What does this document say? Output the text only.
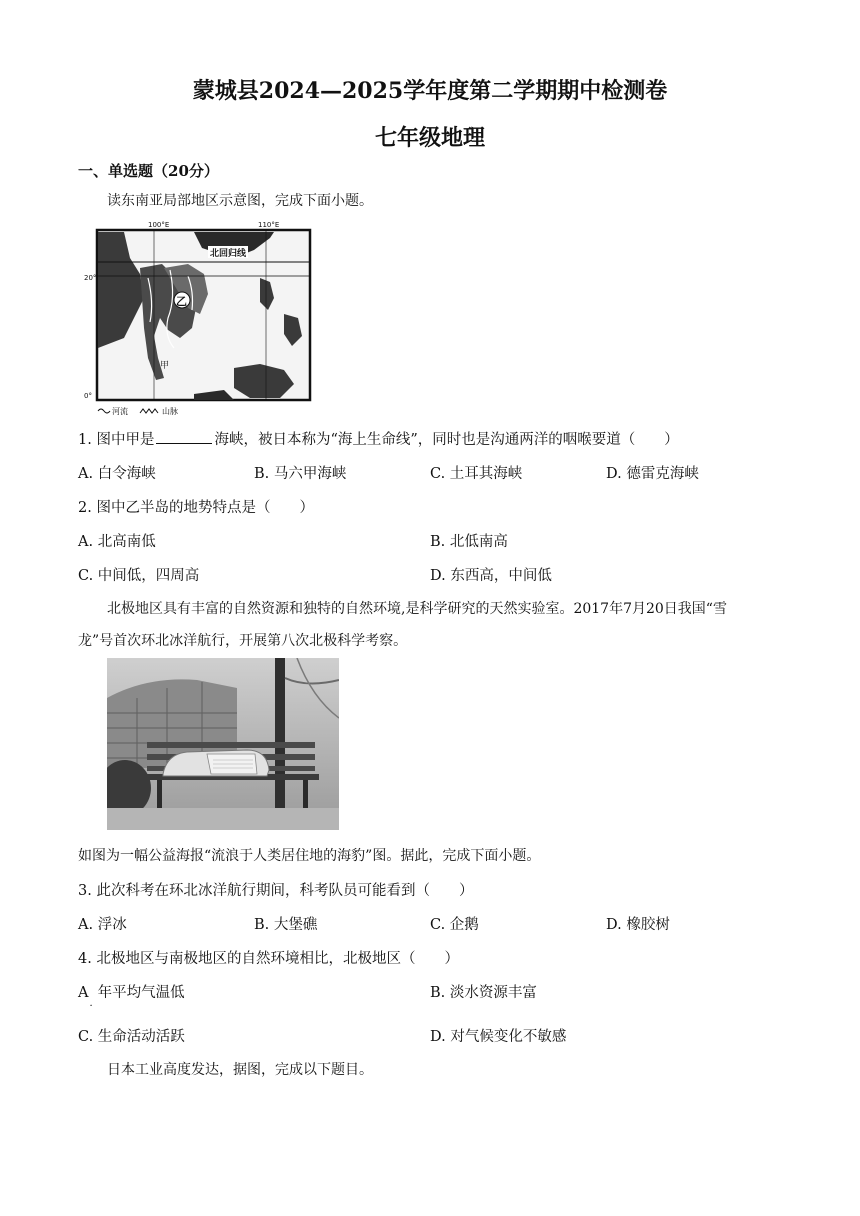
蒙城县2024—2025学年度第二学期期中检测卷
七年级地理
一、单选题（20分）
读东南亚局部地区示意图，完成下面小题。
100°E	110°E
20°
0°
北回归线
乙
甲
河流	山脉
1. 图中甲是	海峡，被日本称为“海上生命线”，同时也是沟通两洋的咽喉要道（　　）
A. 白令海峡	B. 马六甲海峡	C. 土耳其海峡	D. 德雷克海峡
2. 图中乙半岛的地势特点是（　　）
A. 北高南低	B. 北低南高
C. 中间低，四周高	D. 东西高，中间低
北极地区具有丰富的自然资源和独特的自然环境,是科学研究的天然实验室。2017年7月20日我国“雪
龙”号首次环北冰洋航行，开展第八次北极科学考察。
如图为一幅公益海报“流浪于人类居住地的海豹”图。据此，完成下面小题。
3. 此次科考在环北冰洋航行期间，科考队员可能看到（　　）
A. 浮冰	B. 大堡礁	C. 企鹅	D. 橡胶树
4. 北极地区与南极地区的自然环境相比，北极地区（　　）
$A_\cdot$年平均气温低	B. 淡水资源丰富
C. 生命活动活跃	D. 对气候变化不敏感
日本工业高度发达，据图，完成以下题目。
